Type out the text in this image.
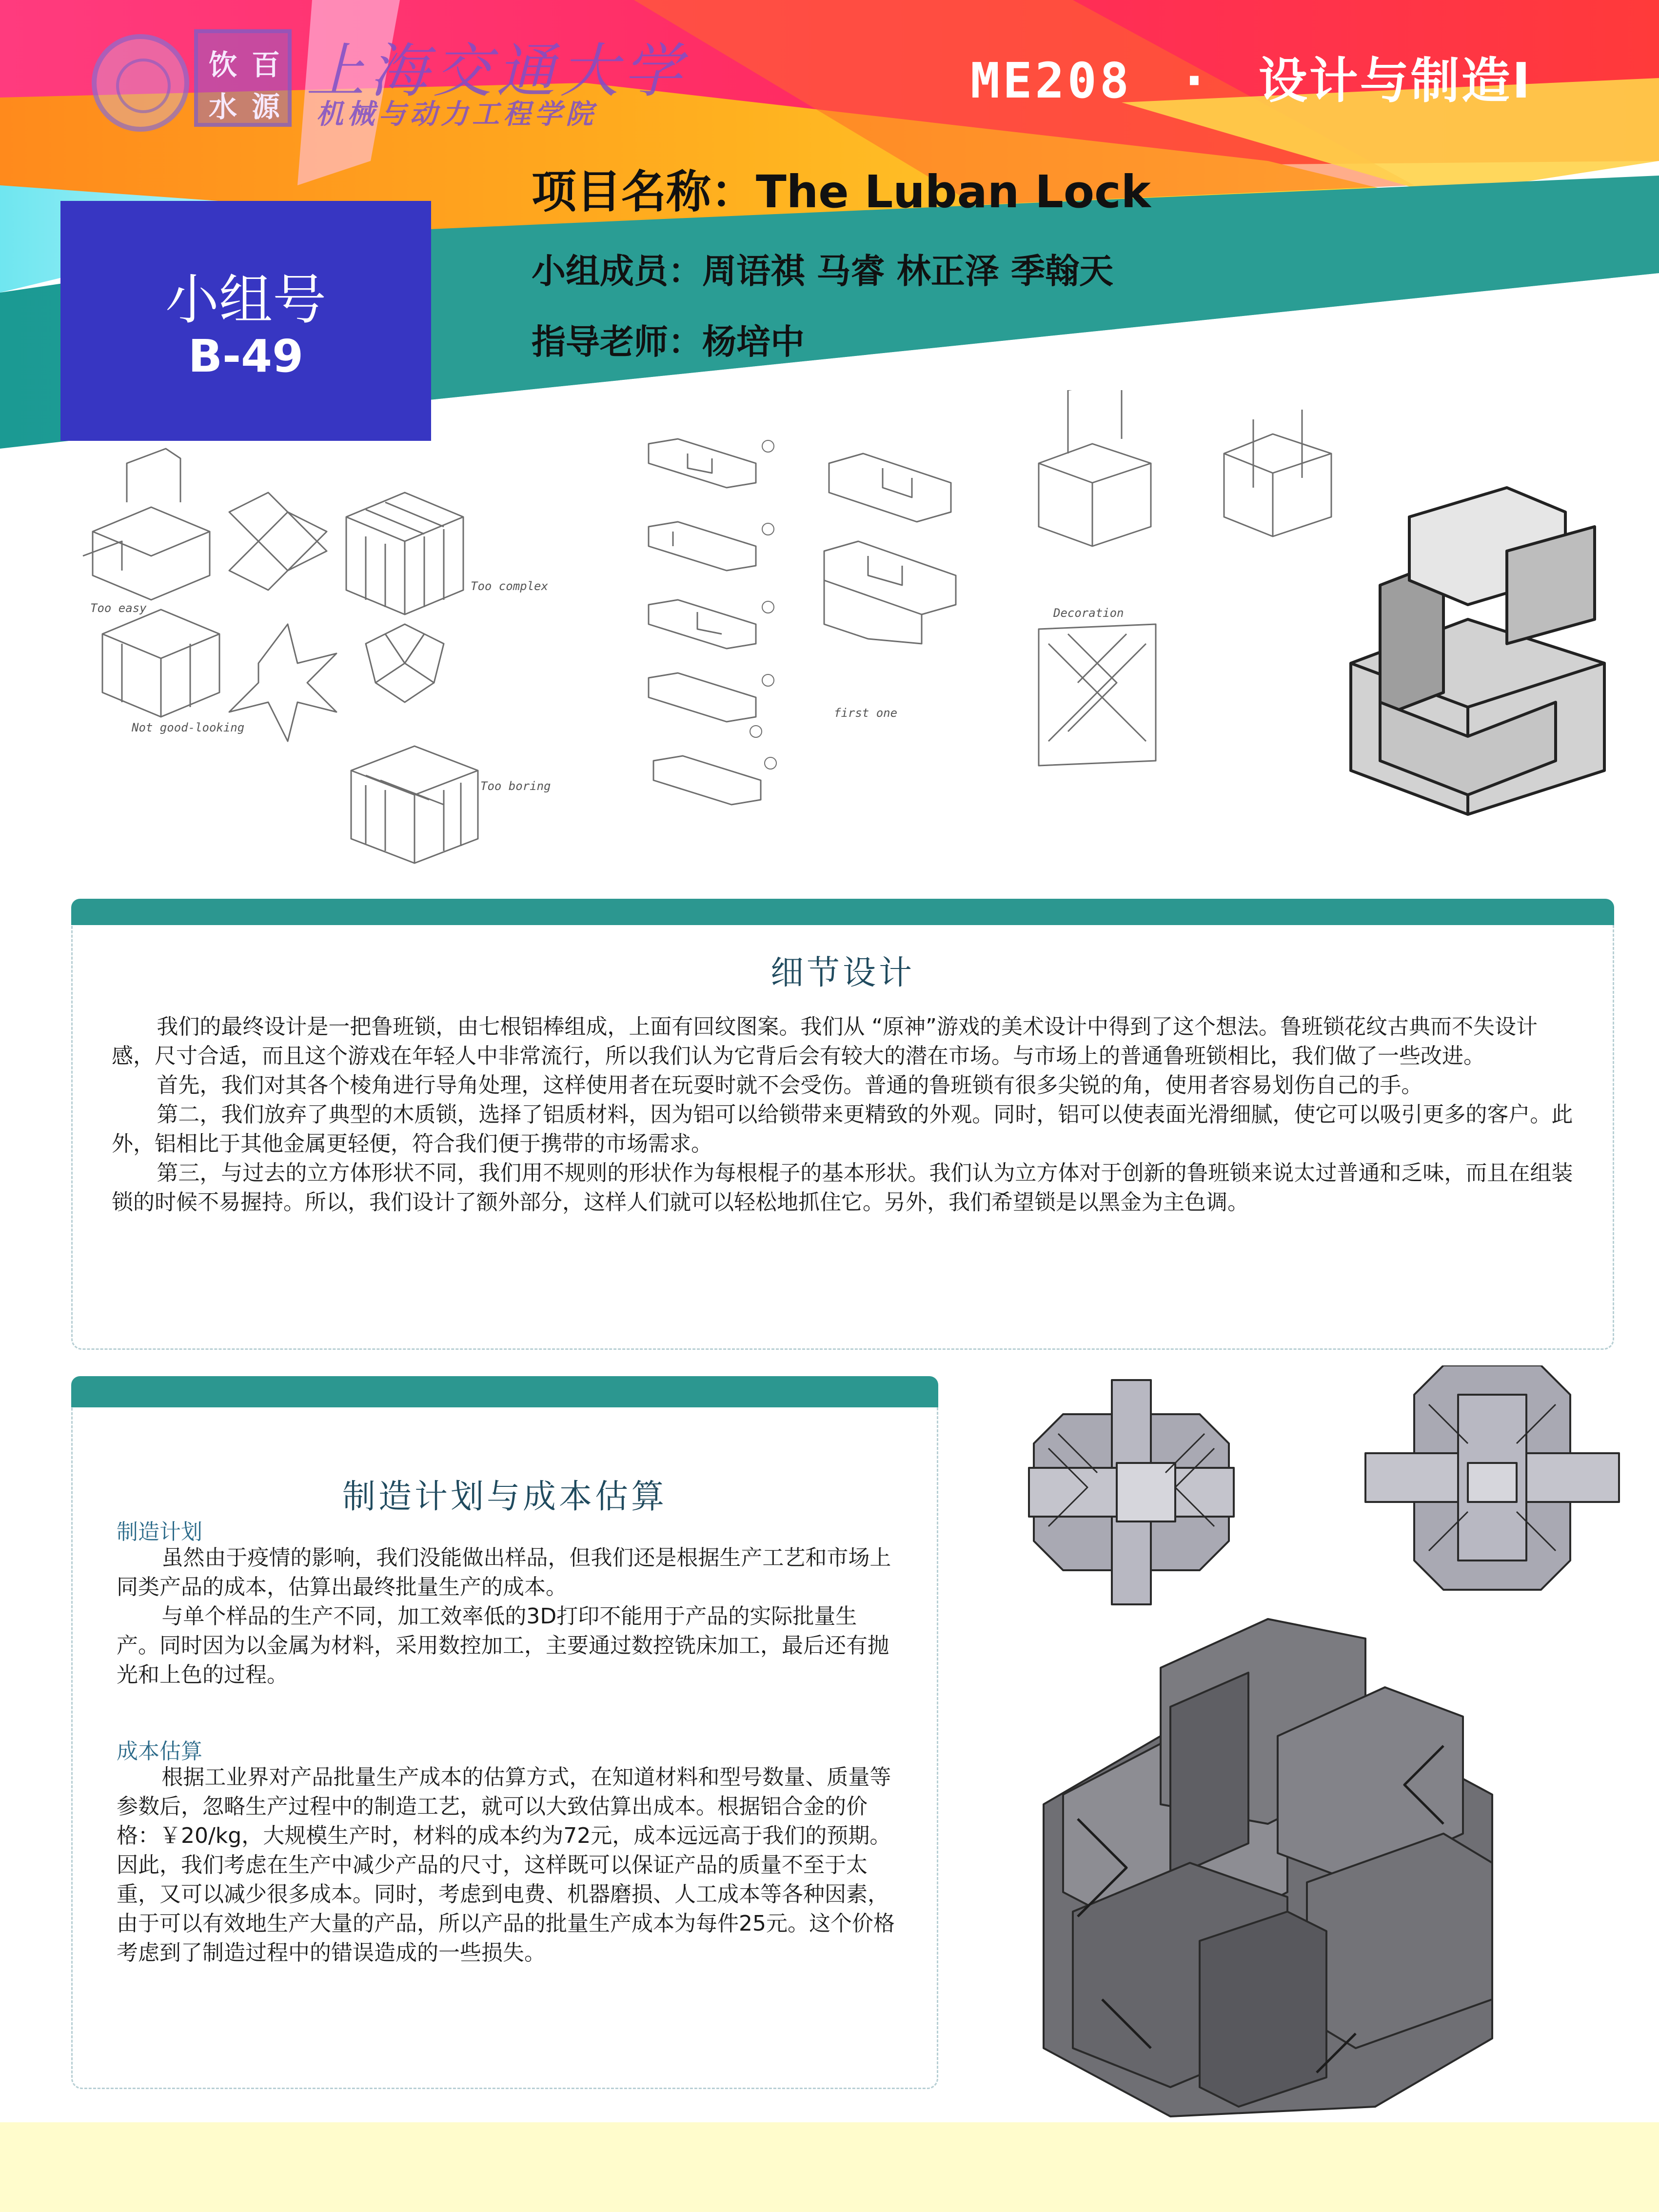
饮 百
水 源
上海交通大学
机械与动力工程学院
ME208 · 设计与制造Ⅰ
小组号
B-49
项目名称：The Luban Lock
小组成员：周语祺 马睿 林正泽 季翰天
指导老师：杨培中
Too easy
Too complex
Not good-looking
Too boring
first one
Decoration
细节设计

我们的最终设计是一把鲁班锁，由七根铝棒组成，上面有回纹图案。我们从 “原神”游戏的美术设计中得到了这个想法。鲁班锁花纹古典而不失设计感，尺寸合适，而且这个游戏在年轻人中非常流行，所以我们认为它背后会有较大的潜在市场。与市场上的普通鲁班锁相比，我们做了一些改进。

首先，我们对其各个棱角进行导角处理，这样使用者在玩耍时就不会受伤。普通的鲁班锁有很多尖锐的角，使用者容易划伤自己的手。

第二，我们放弃了典型的木质锁，选择了铝质材料，因为铝可以给锁带来更精致的外观。同时，铝可以使表面光滑细腻，使它可以吸引更多的客户。此外，铝相比于其他金属更轻便，符合我们便于携带的市场需求。

第三，与过去的立方体形状不同，我们用不规则的形状作为每根棍子的基本形状。我们认为立方体对于创新的鲁班锁来说太过普通和乏味，而且在组装锁的时候不易握持。所以，我们设计了额外部分，这样人们就可以轻松地抓住它。另外，我们希望锁是以黑金为主色调。

制造计划与成本估算
制造计划

虽然由于疫情的影响，我们没能做出样品，但我们还是根据生产工艺和市场上同类产品的成本，估算出最终批量生产的成本。

与单个样品的生产不同，加工效率低的3D打印不能用于产品的实际批量生产。同时因为以金属为材料，采用数控加工，主要通过数控铣床加工，最后还有抛光和上色的过程。

成本估算

根据工业界对产品批量生产成本的估算方式，在知道材料和型号数量、质量等参数后，忽略生产过程中的制造工艺，就可以大致估算出成本。根据铝合金的价格：￥20/kg，大规模生产时，材料的成本约为72元，成本远远高于我们的预期。因此，我们考虑在生产中减少产品的尺寸，这样既可以保证产品的质量不至于太重，又可以减少很多成本。同时，考虑到电费、机器磨损、人工成本等各种因素，由于可以有效地生产大量的产品，所以产品的批量生产成本为每件25元。这个价格考虑到了制造过程中的错误造成的一些损失。
